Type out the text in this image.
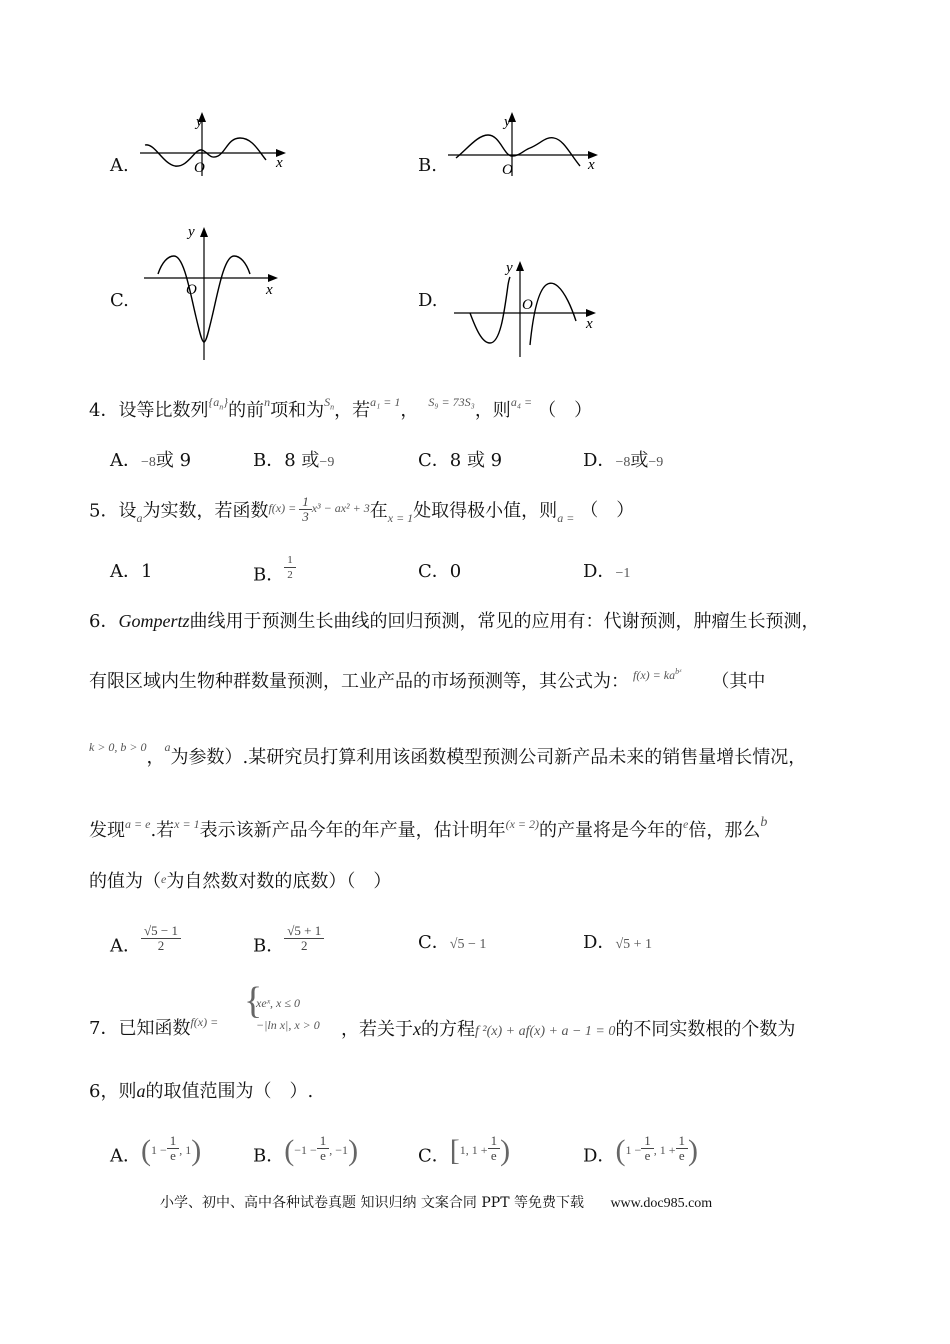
A.
y
x
O	B.
y
x
O
C.
y
x
O	D.
y
x
O
4．设等比数列$^{\{a_n\}}$的前$^n$项和为$^{S_n}$，若$^{a_1 = 1}$， $^{S_9 = 73S_3}$，则$^{a_4 =}$ （　）
A．−8或 9	B．8 或−9	C．8 或 9	D．−8或−9
5．设$_a$为实数，若函数$^{f(x) = \frac{1}{3} x^3 - ax^2 + 3}$在$_{x = 1}$处取得极小值，则$_{a =}$ （　）
A．1	B． $\frac{1}{2}$	C．0	D．−1
6．Gompertz曲线用于预测生长曲线的回归预测，常见的应用有：代谢预测，肿瘤生长预测，
有限区域内生物种群数量预测，工业产品的市场预测等，其公式为： $^{f(x) = ka^{bˣ}}$ （其中
$^{k > 0, b > 0}$，$^a$为参数）.某研究员打算利用该函数模型预测公司新产品未来的销售量增长情况，
发现$^{a = e}$.若$^{x = 1}$表示该新产品今年的年产量，估计明年$^{(x = 2)}$的产量将是今年的$^e$倍，那么$^b$
的值为（$^e$为自然数对数的底数）（　）
A． $\frac{√5 - 1}{2}$	B． $\frac{√5 + 1}{2}$	C．√5 − 1	D．√5 + 1
7．已知函数$^{f(x) =}$ {
xeˣ, x ≤ 0
−|ln x|, x > 0 ，若关于x的方程f ²(x) + af(x) + a − 1 = 0的不同实数根的个数为
6，则a的取值范围为（　）.
A．$(^{1 -} \frac{1}{e} ^{, 1})$	B．$(^{-1 -} \frac{1}{e} ^{, -1})$	C．[$^{1, 1 +} \frac{1}{e}$ )	D．($^{1 -} \frac{1}{e} ^{, 1 +} \frac{1}{e}$ )
小学、初中、高中各种试卷真题 知识归纳 文案合同 PPT 等免费下载 www.doc985.com
